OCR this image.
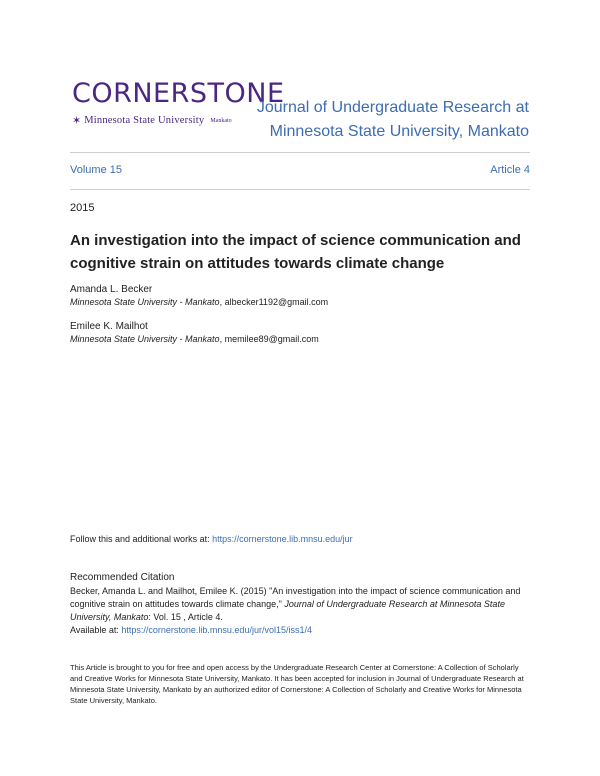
CORNERSTONE
✶ Minnesota State University Mankato
Journal of Undergraduate Research at
Minnesota State University, Mankato
Volume 15	Article 4
2015
An investigation into the impact of science communication and cognitive strain on attitudes towards climate change
Amanda L. Becker
Minnesota State University - Mankato, albecker1192@gmail.com
Emilee K. Mailhot
Minnesota State University - Mankato, memilee89@gmail.com
Follow this and additional works at: https://cornerstone.lib.mnsu.edu/jur
Recommended Citation
Becker, Amanda L. and Mailhot, Emilee K. (2015) "An investigation into the impact of science communication and cognitive strain on attitudes towards climate change," Journal of Undergraduate Research at Minnesota State University, Mankato: Vol. 15 , Article 4.
Available at: https://cornerstone.lib.mnsu.edu/jur/vol15/iss1/4
This Article is brought to you for free and open access by the Undergraduate Research Center at Cornerstone: A Collection of Scholarly and Creative Works for Minnesota State University, Mankato. It has been accepted for inclusion in Journal of Undergraduate Research at Minnesota State University, Mankato by an authorized editor of Cornerstone: A Collection of Scholarly and Creative Works for Minnesota State University, Mankato.
